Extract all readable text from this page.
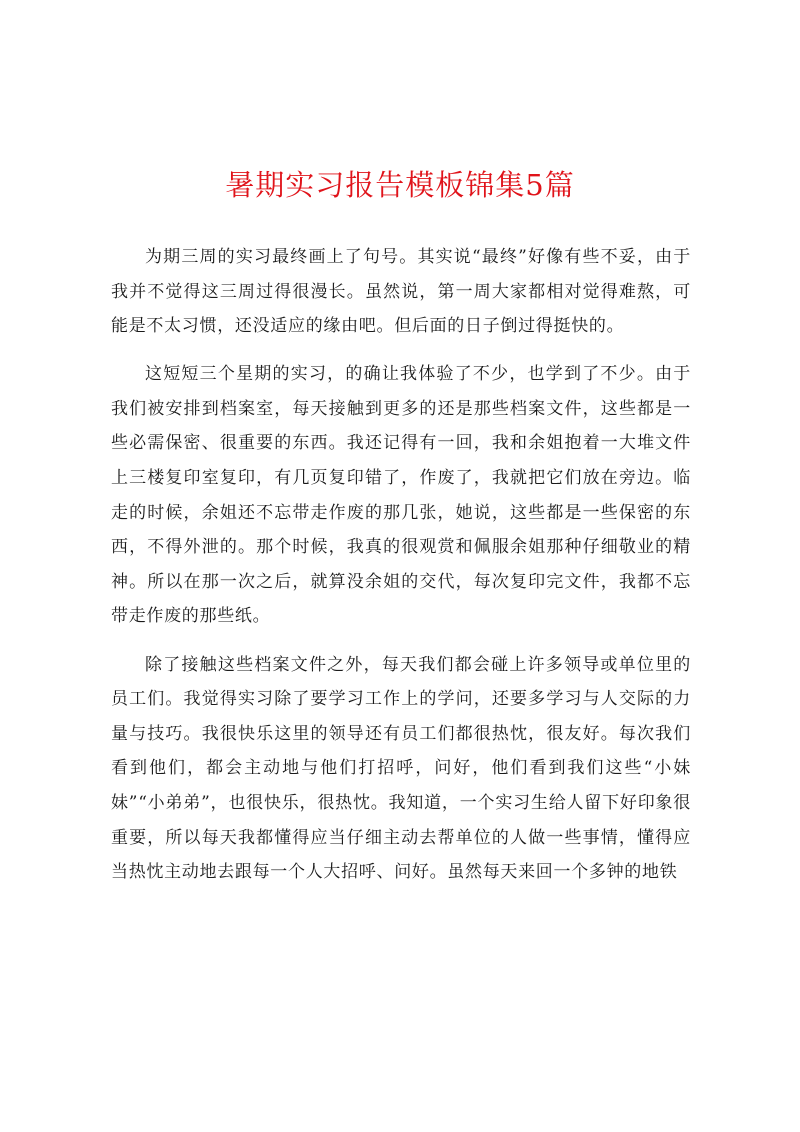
暑期实习报告模板锦集5篇

为期三周的实习最终画上了句号。其实说“最终”好像有些不妥，由于我并不觉得这三周过得很漫长。虽然说，第一周大家都相对觉得难熬，可能是不太习惯，还没适应的缘由吧。但后面的日子倒过得挺快的。

这短短三个星期的实习，的确让我体验了不少，也学到了不少。由于我们被安排到档案室，每天接触到更多的还是那些档案文件，这些都是一些必需保密、很重要的东西。我还记得有一回，我和余姐抱着一大堆文件上三楼复印室复印，有几页复印错了，作废了，我就把它们放在旁边。临走的时候，余姐还不忘带走作废的那几张，她说，这些都是一些保密的东西，不得外泄的。那个时候，我真的很观赏和佩服余姐那种仔细敬业的精神。所以在那一次之后，就算没余姐的交代，每次复印完文件，我都不忘带走作废的那些纸。

除了接触这些档案文件之外，每天我们都会碰上许多领导或单位里的员工们。我觉得实习除了要学习工作上的学问，还要多学习与人交际的力量与技巧。我很快乐这里的领导还有员工们都很热忱，很友好。每次我们看到他们，都会主动地与他们打招呼，问好，他们看到我们这些“小妹妹”“小弟弟”，也很快乐，很热忱。我知道，一个实习生给人留下好印象很重要，所以每天我都懂得应当仔细主动去帮单位的人做一些事情，懂得应当热忱主动地去跟每一个人大招呼、问好。虽然每天来回一个多钟的地铁
